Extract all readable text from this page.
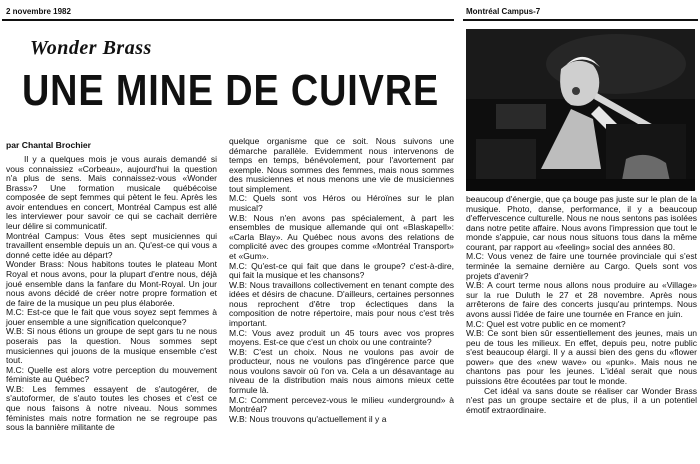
2 novembre 1982	Montréal Campus-7
Wonder Brass
UNE MINE DE CUIVRE
par Chantal Brochier

Il y a quelques mois je vous aurais demandé si vous connaissiez «Corbeau», aujourd'hui la question n'a plus de sens. Mais connaissez-vous «Wonder Brass»? Une formation musicale québécoise composée de sept femmes qui pètent le feu. Après les avoir entendues en concert, Montréal Campus est allé les interviewer pour savoir ce qui se cachait derrière leur délire si communicatif.

Montréal Campus: Vous êtes sept musiciennes qui travaillent ensemble depuis un an. Qu'est-ce qui vous a donné cette idée au départ?

Wonder Brass: Nous habitons toutes le plateau Mont Royal et nous avons, pour la plupart d'entre nous, déjà joué ensemble dans la fanfare du Mont-Royal. Un jour nous avons décidé de créer notre propre formation et de faire de la musique un peu plus élaborée.

M.C: Est-ce que le fait que vous soyez sept femmes à jouer ensemble a une signification quelconque?

W.B: Si nous étions un groupe de sept gars tu ne nous poserais pas la question. Nous sommes sept musiciennes qui jouons de la musique ensemble c'est tout.

M.C: Quelle est alors votre perception du mouvement féministe au Québec?

W.B: Les femmes essayent de s'autogérer, de s'autoformer, de s'auto toutes les choses et c'est ce que nous faisons à notre niveau. Nous sommes féministes mais notre formation ne se regroupe pas sous la bannière militante de

quelque organisme que ce soit. Nous suivons une démarche parallèle. Evidemment nous intervenons de temps en temps, bénévolement, pour l'avortement par exemple. Nous sommes des femmes, mais nous sommes des musiciennes et nous menons une vie de musiciennes tout simplement.

M.C: Quels sont vos Héros ou Héroïnes sur le plan musical?

W.B: Nous n'en avons pas spécialement, à part les ensembles de musique allemande qui ont «Blaskapell»: «Carla Blay». Au Québec nous avons des relations de complicité avec des groupes comme «Montréal Transport» et «Gum».

M.C: Qu'est-ce qui fait que dans le groupe? c'est-à-dire, qui fait la musique et les chansons?

W.B: Nous travaillons collectivement en tenant compte des idées et désirs de chacune. D'ailleurs, certaines personnes nous reprochent d'être trop éclectiques dans la composition de notre répertoire, mais pour nous c'est très important.

M.C: Vous avez produit un 45 tours avec vos propres moyens. Est-ce que c'est un choix ou une contrainte?

W.B: C'est un choix. Nous ne voulons pas avoir de producteur, nous ne voulons pas d'ingérence parce que nous voulons savoir où l'on va. Cela a un désavantage au niveau de la distribution mais nous aimons mieux cette formule là.

M.C: Comment percevez-vous le milieu «underground» à Montréal?

W.B: Nous trouvons qu'actuellement il y a

beaucoup d'énergie, que ça bouge pas juste sur le plan de la musique. Photo, danse, performance, il y a beaucoup d'effervescence culturelle. Nous ne nous sentons pas isolées dans notre petite affaire. Nous avons l'impression que tout le monde s'appuie, car nous nous situons tous dans la même courant, par rapport au «feeling» social des années 80.

M.C: Vous venez de faire une tournée provinciale qui s'est terminée la semaine dernière au Cargo. Quels sont vos projets d'avenir?

W.B: A court terme nous allons nous produire au «Village» sur la rue Duluth le 27 et 28 novembre. Après nous arrêterons de faire des concerts jusqu'au printemps. Nous avons aussi l'idée de faire une tournée en France en juin.

M.C: Quel est votre public en ce moment?

W.B: Ce sont bien sûr essentiellement des jeunes, mais un peu de tous les milieux. En effet, depuis peu, notre public s'est beaucoup élargi. Il y a aussi bien des gens du «flower power» que des «new wave» ou «punk». Mais nous ne chantons pas pour les jeunes. L'idéal serait que nous puissions être écoutées par tout le monde.

Cet idéal va sans doute se réaliser car Wonder Brass n'est pas un groupe sectaire et de plus, il a un potentiel émotif extraordinaire.
